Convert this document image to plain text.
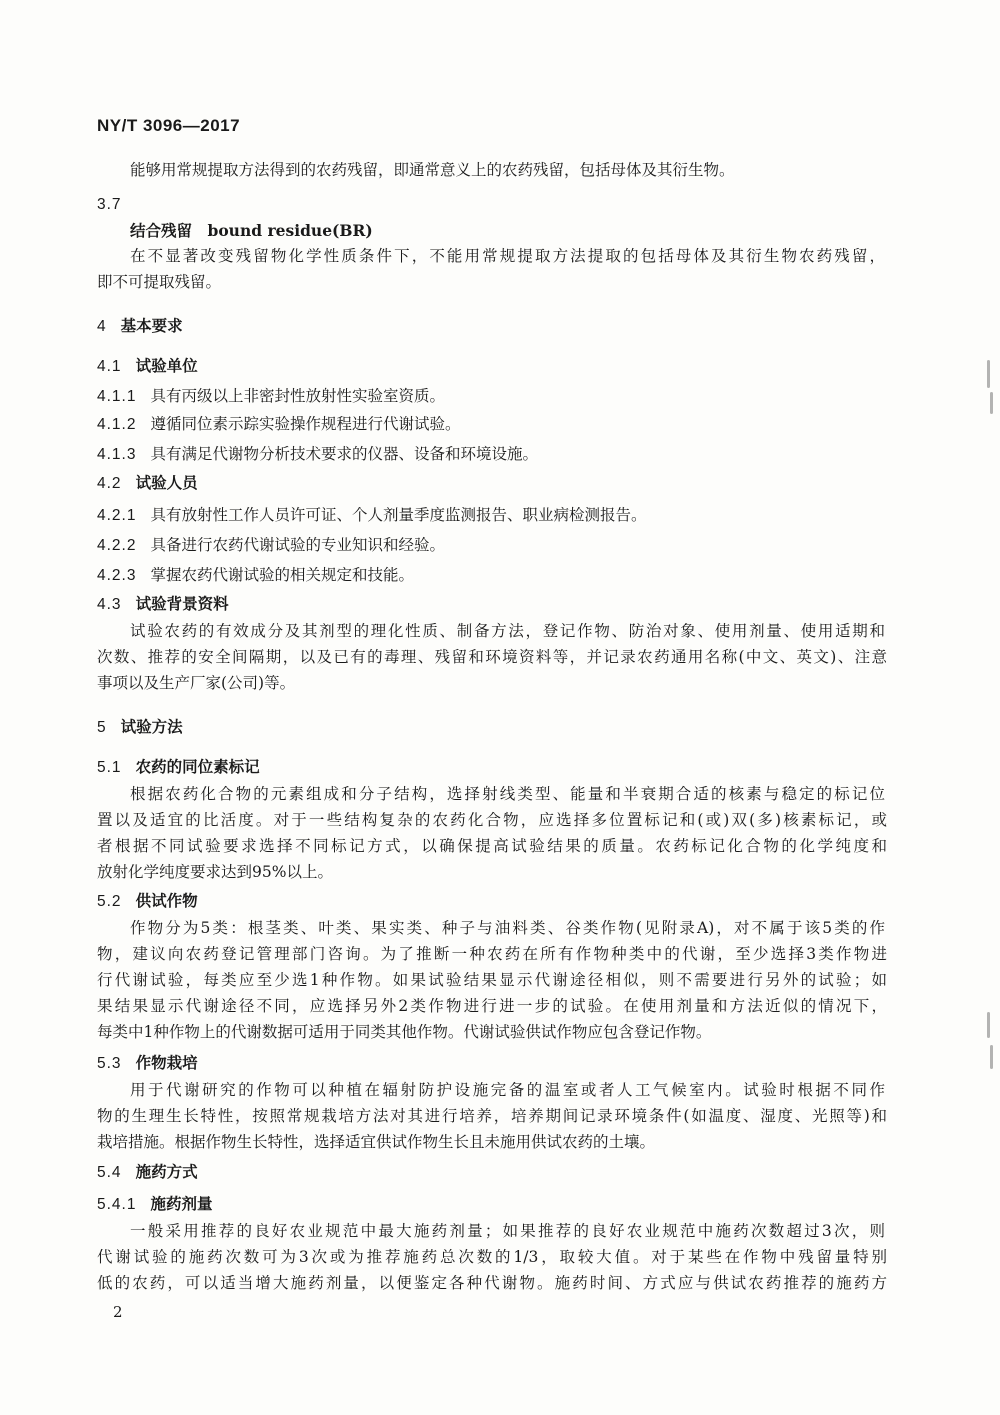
NY/T 3096—2017
能够用常规提取方法得到的农药残留，即通常意义上的农药残留，包括母体及其衍生物。
3.7
结合残留　bound residue(BR)
在不显著改变残留物化学性质条件下，不能用常规提取方法提取的包括母体及其衍生物农药残留，
即不可提取残留。
4 基本要求
4.1 试验单位
4.1.1 具有丙级以上非密封性放射性实验室资质。
4.1.2 遵循同位素示踪实验操作规程进行代谢试验。
4.1.3 具有满足代谢物分析技术要求的仪器、设备和环境设施。
4.2 试验人员
4.2.1 具有放射性工作人员许可证、个人剂量季度监测报告、职业病检测报告。
4.2.2 具备进行农药代谢试验的专业知识和经验。
4.2.3 掌握农药代谢试验的相关规定和技能。
4.3 试验背景资料
试验农药的有效成分及其剂型的理化性质、制备方法，登记作物、防治对象、使用剂量、使用适期和
次数、推荐的安全间隔期，以及已有的毒理、残留和环境资料等，并记录农药通用名称(中文、英文)、注意
事项以及生产厂家(公司)等。
5 试验方法
5.1 农药的同位素标记
根据农药化合物的元素组成和分子结构，选择射线类型、能量和半衰期合适的核素与稳定的标记位
置以及适宜的比活度。对于一些结构复杂的农药化合物，应选择多位置标记和(或)双(多)核素标记，或
者根据不同试验要求选择不同标记方式，以确保提高试验结果的质量。农药标记化合物的化学纯度和
放射化学纯度要求达到95%以上。
5.2 供试作物
作物分为5类：根茎类、叶类、果实类、种子与油料类、谷类作物(见附录A)，对不属于该5类的作
物，建议向农药登记管理部门咨询。为了推断一种农药在所有作物种类中的代谢，至少选择3类作物进
行代谢试验，每类应至少选1种作物。如果试验结果显示代谢途径相似，则不需要进行另外的试验；如
果结果显示代谢途径不同，应选择另外2类作物进行进一步的试验。在使用剂量和方法近似的情况下，
每类中1种作物上的代谢数据可适用于同类其他作物。代谢试验供试作物应包含登记作物。
5.3 作物栽培
用于代谢研究的作物可以种植在辐射防护设施完备的温室或者人工气候室内。试验时根据不同作
物的生理生长特性，按照常规栽培方法对其进行培养，培养期间记录环境条件(如温度、湿度、光照等)和
栽培措施。根据作物生长特性，选择适宜供试作物生长且未施用供试农药的土壤。
5.4 施药方式
5.4.1 施药剂量
一般采用推荐的良好农业规范中最大施药剂量；如果推荐的良好农业规范中施药次数超过3次，则
代谢试验的施药次数可为3次或为推荐施药总次数的1/3，取较大值。对于某些在作物中残留量特别
低的农药，可以适当增大施药剂量，以便鉴定各种代谢物。施药时间、方式应与供试农药推荐的施药方
2
